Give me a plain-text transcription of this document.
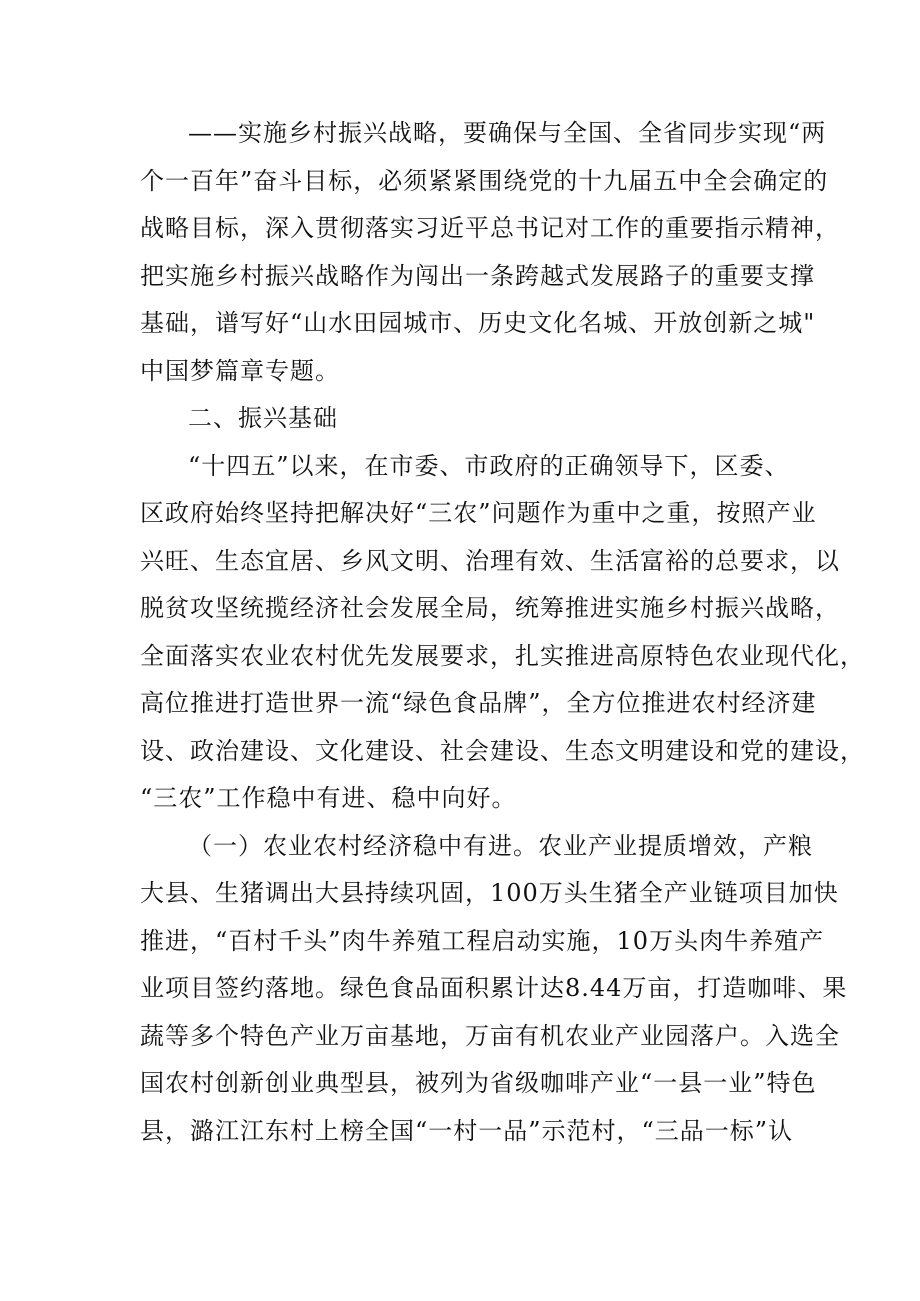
——实施乡村振兴战略，要确保与全国、全省同步实现“两
个一百年”奋斗目标，必须紧紧围绕党的十九届五中全会确定的
战略目标，深入贯彻落实习近平总书记对工作的重要指示精神，
把实施乡村振兴战略作为闯出一条跨越式发展路子的重要支撑
基础，谱写好“山水田园城市、历史文化名城、开放创新之城"
中国梦篇章专题。

二、振兴基础

“十四五”以来，在市委、市政府的正确领导下，区委、
区政府始终坚持把解决好“三农”问题作为重中之重，按照产业
兴旺、生态宜居、乡风文明、治理有效、生活富裕的总要求，以
脱贫攻坚统揽经济社会发展全局，统筹推进实施乡村振兴战略，
全面落实农业农村优先发展要求，扎实推进高原特色农业现代化，
高位推进打造世界一流“绿色食品牌”，全方位推进农村经济建
设、政治建设、文化建设、社会建设、生态文明建设和党的建设，
“三农”工作稳中有进、稳中向好。

（一）农业农村经济稳中有进。农业产业提质增效，产粮
大县、生猪调出大县持续巩固，100万头生猪全产业链项目加快
推进，“百村千头”肉牛养殖工程启动实施，10万头肉牛养殖产
业项目签约落地。绿色食品面积累计达8.44万亩，打造咖啡、果
蔬等多个特色产业万亩基地，万亩有机农业产业园落户。入选全
国农村创新创业典型县，被列为省级咖啡产业“一县一业”特色
县，潞江江东村上榜全国“一村一品”示范村，“三品一标”认
